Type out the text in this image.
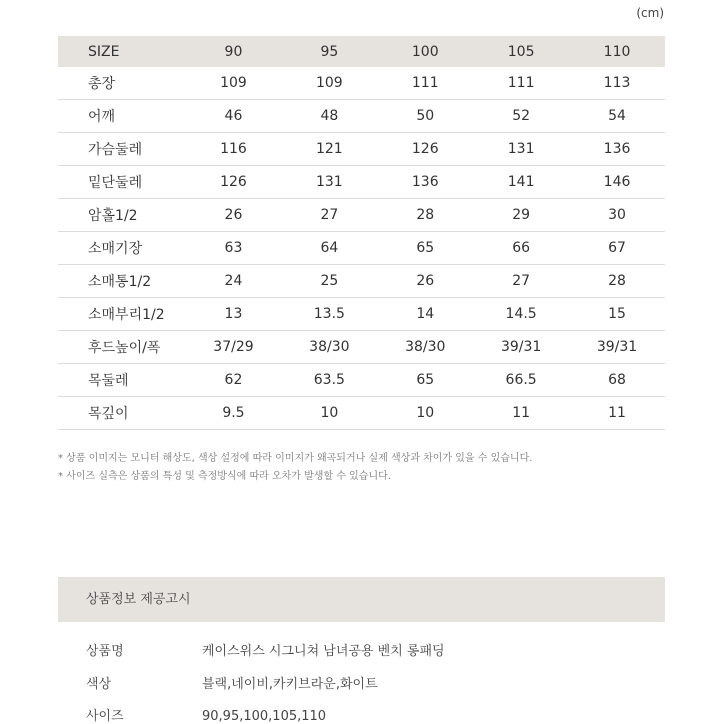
(cm)
SIZE	90	95	100	105	110
총장	109	109	111	111	113
어깨	46	48	50	52	54
가슴둘레	116	121	126	131	136
밑단둘레	126	131	136	141	146
암홀1/2	26	27	28	29	30
소매기장	63	64	65	66	67
소매통1/2	24	25	26	27	28
소매부리1/2	13	13.5	14	14.5	15
후드높이/폭	37/29	38/30	38/30	39/31	39/31
목둘레	62	63.5	65	66.5	68
목깊이	9.5	10	10	11	11
* 상품 이미지는 모니터 해상도, 색상 설정에 따라 이미지가 왜곡되거나 실제 색상과 차이가 있을 수 있습니다.
* 사이즈 실측은 상품의 특성 및 측정방식에 따라 오차가 발생할 수 있습니다.
상품정보 제공고시
상품명	케이스위스 시그니쳐 남녀공용 벤치 롱패딩
색상	블랙,네이비,카키브라운,화이트
사이즈	90,95,100,105,110
